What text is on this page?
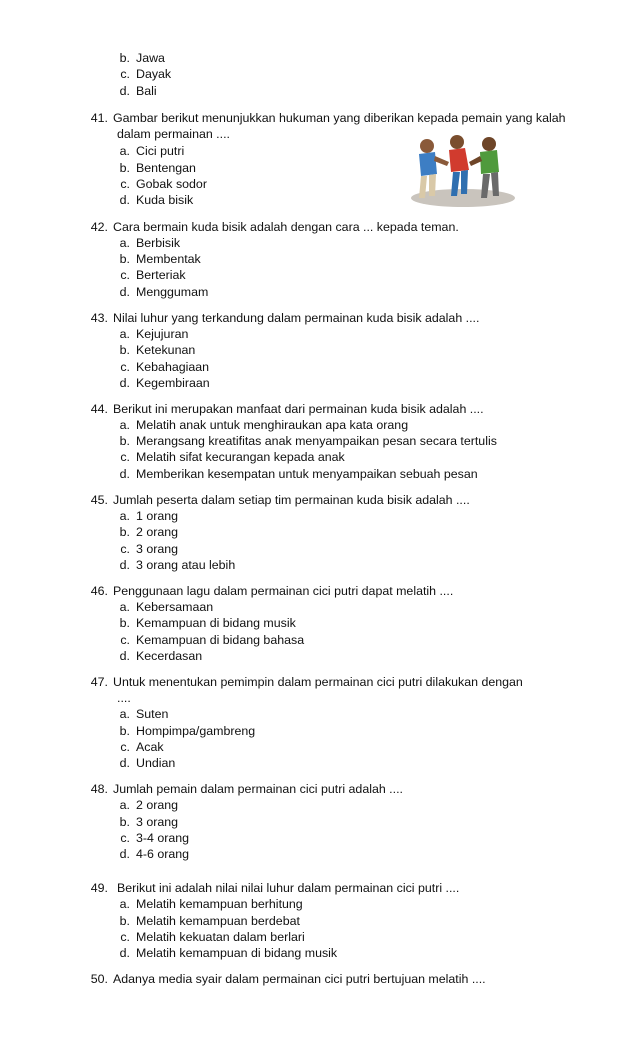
b. Jawa
c. Dayak
d. Bali
41. Gambar berikut menunjukkan hukuman yang diberikan kepada pemain yang kalah
dalam permainan ....
a. Cici putri
b. Bentengan
c. Gobak sodor
d. Kuda bisik
42. Cara bermain kuda bisik adalah dengan cara ... kepada teman.
a. Berbisik
b. Membentak
c. Berteriak
d. Menggumam
43. Nilai luhur yang terkandung dalam permainan kuda bisik adalah ....
a. Kejujuran
b. Ketekunan
c. Kebahagiaan
d. Kegembiraan
44. Berikut ini merupakan manfaat dari permainan kuda bisik adalah ....
a. Melatih anak untuk menghiraukan apa kata orang
b. Merangsang kreatifitas anak menyampaikan pesan secara tertulis
c. Melatih sifat kecurangan kepada anak
d. Memberikan kesempatan untuk menyampaikan sebuah pesan
45. Jumlah peserta dalam setiap tim permainan kuda bisik adalah ....
a. 1 orang
b. 2 orang
c. 3 orang
d. 3 orang atau lebih
46. Penggunaan lagu dalam permainan cici putri dapat melatih ....
a. Kebersamaan
b. Kemampuan di bidang musik
c. Kemampuan di bidang bahasa
d. Kecerdasan
47. Untuk menentukan pemimpin dalam permainan cici putri dilakukan dengan
....
a. Suten
b. Hompimpa/gambreng
c. Acak
d. Undian
48. Jumlah pemain dalam permainan cici putri adalah ....
a. 2 orang
b. 3 orang
c. 3-4 orang
d. 4-6 orang
49. Berikut ini adalah nilai nilai luhur dalam permainan cici putri ....
a. Melatih kemampuan berhitung
b. Melatih kemampuan berdebat
c. Melatih kekuatan dalam berlari
d. Melatih kemampuan di bidang musik
50. Adanya media syair dalam permainan cici putri bertujuan melatih ....
